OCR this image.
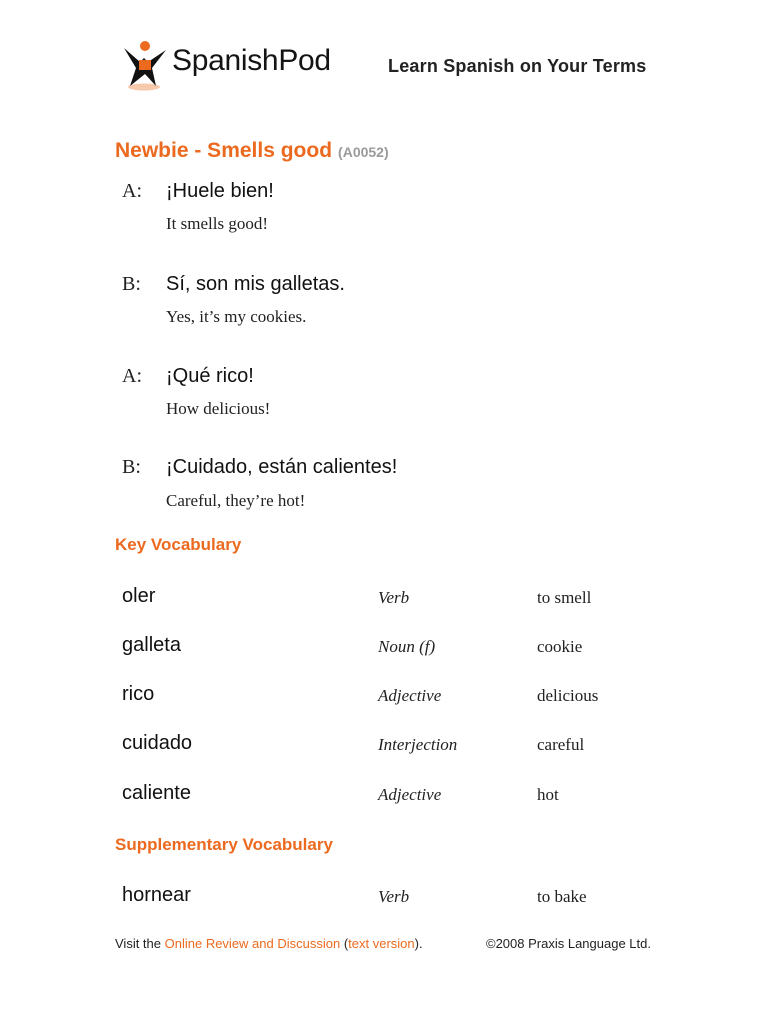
SpanishPod	Learn Spanish on Your Terms
Newbie - Smells good (A0052)
A: ¡Huele bien!
It smells good!
B: Sí, son mis galletas.
Yes, it’s my cookies.
A: ¡Qué rico!
How delicious!
B: ¡Cuidado, están calientes!
Careful, they’re hot!
Key Vocabulary
oler	Verb	to smell
galleta	Noun (f)	cookie
rico	Adjective	delicious
cuidado	Interjection	careful
caliente	Adjective	hot
Supplementary Vocabulary
hornear	Verb	to bake
Visit the Online Review and Discussion (text version).	©2008 Praxis Language Ltd.
